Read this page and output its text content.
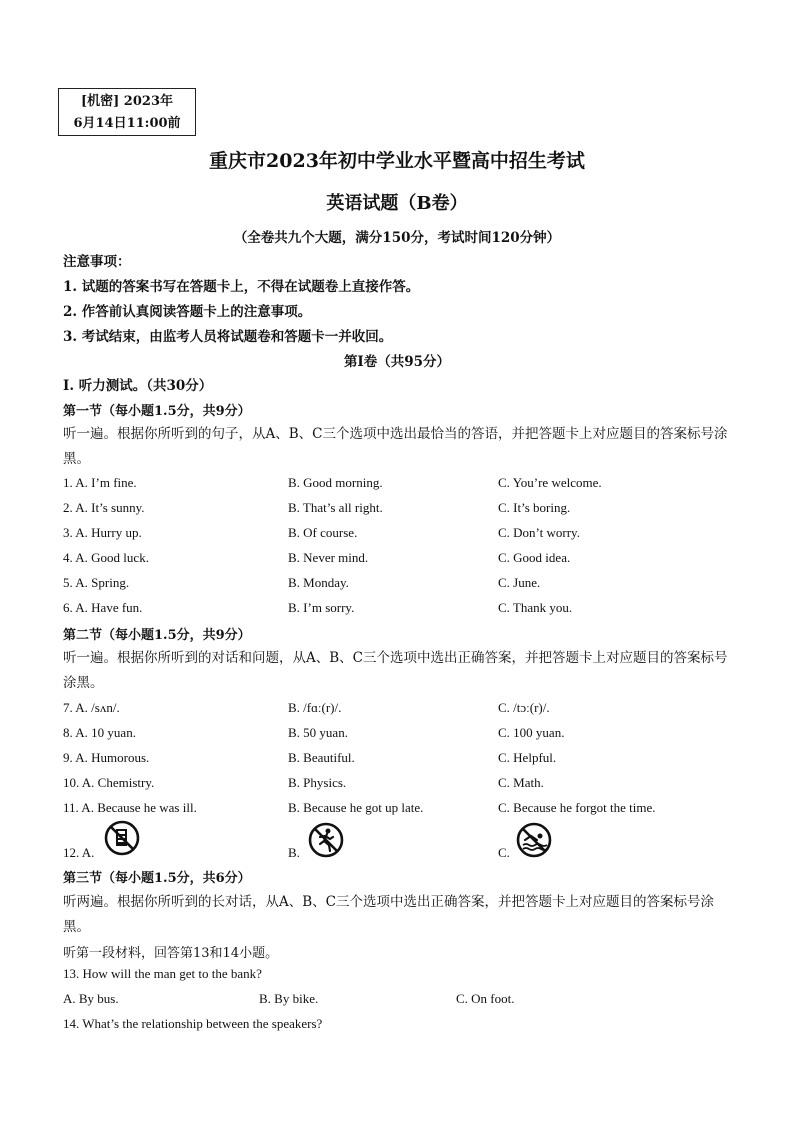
[机密] 2023年
6月14日11:00前
重庆市2023年初中学业水平暨高中招生考试
英语试题（B卷）
（全卷共九个大题，满分150分，考试时间120分钟）
注意事项：
1. 试题的答案书写在答题卡上，不得在试题卷上直接作答。
2. 作答前认真阅读答题卡上的注意事项。
3. 考试结束，由监考人员将试题卷和答题卡一并收回。
第Ⅰ卷（共95分）
Ⅰ. 听力测试。（共30分）
第一节（每小题1.5分，共9分）
听一遍。根据你所听到的句子，从A、B、C三个选项中选出最恰当的答语，并把答题卡上对应题目的答案标号涂黑。
1. A. I’m fine.	B. Good morning.	C. You’re welcome.
2. A. It’s sunny.	B. That’s all right.	C. It’s boring.
3. A. Hurry up.	B. Of course.	C. Don’t worry.
4. A. Good luck.	B. Never mind.	C. Good idea.
5. A. Spring.	B. Monday.	C. June.
6. A. Have fun.	B. I’m sorry.	C. Thank you.
第二节（每小题1.5分，共9分）
听一遍。根据你所听到的对话和问题，从A、B、C三个选项中选出正确答案，并把答题卡上对应题目的答案标号涂黑。
7. A. /sʌn/.	B. /fɑː(r)/.	C. /tɔː(r)/.
8. A. 10 yuan.	B. 50 yuan.	C. 100 yuan.
9. A. Humorous.	B. Beautiful.	C. Helpful.
10. A. Chemistry.	B. Physics.	C. Math.
11. A. Because he was ill.	B. Because he got up late.	C. Because he forgot the time.
12. A.	B.	C.
第三节（每小题1.5分，共6分）
听两遍。根据你所听到的长对话，从A、B、C三个选项中选出正确答案，并把答题卡上对应题目的答案标号涂黑。
听第一段材料，回答第13和14小题。
13. How will the man get to the bank?
A. By bus.	B. By bike.	C. On foot.
14. What’s the relationship between the speakers?
